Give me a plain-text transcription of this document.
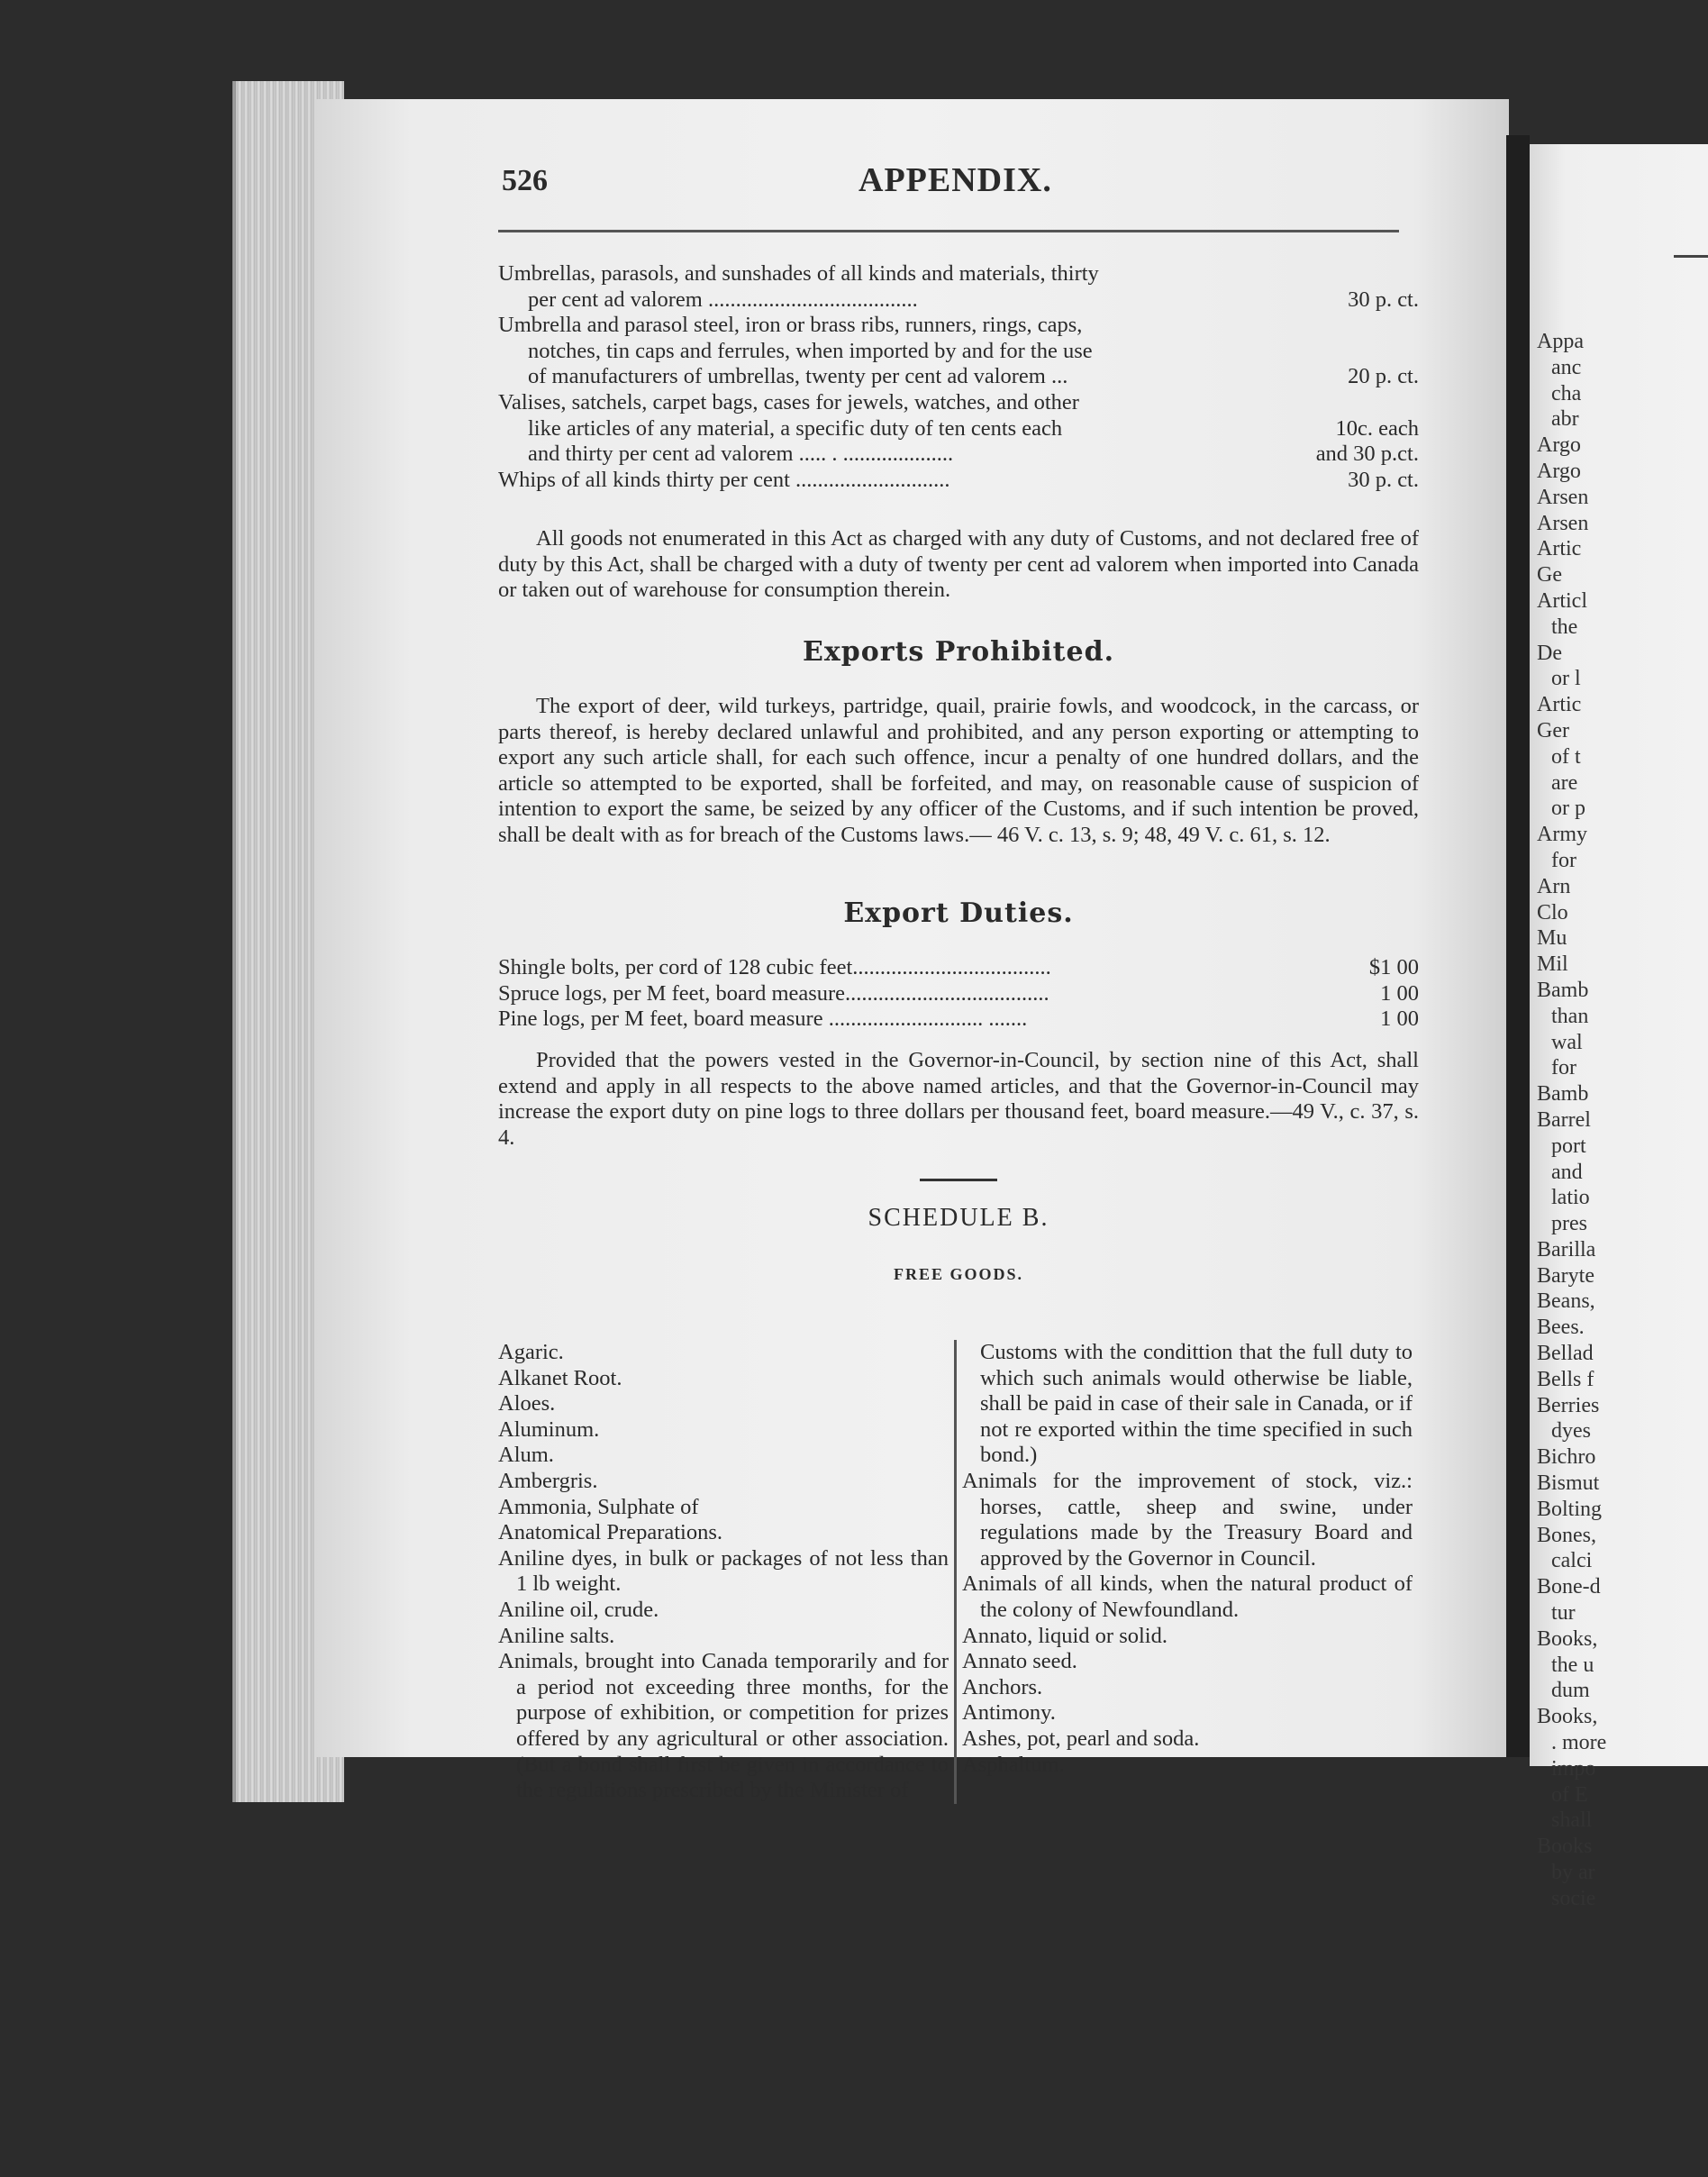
Appa
anc
cha
abr
Argo
Argo
Arsen
Arsen
Artic
Ge
Articl
the
De
or l
Artic
Ger
of t
are
or p
Army
for
Arn
Clo
Mu
Mil
Bamb
than
wal
for
Bamb
Barrel
port
and
latio
pres
Barilla
Baryte
Beans,
Bees.
Bellad
Bells f
Berries
dyes
Bichro
Bismut
Bolting
Bones,
calci
Bone-d
tur
Books,
the u
dum
Books,
. more
impo
of E
shall
Books
by ar
socie
526	APPENDIX.
Umbrellas, parasols, and sunshades of all kinds and materials, thirty
per cent ad valorem ......................................	30 p. ct.
Umbrella and parasol steel, iron or brass ribs, runners, rings, caps,
notches, tin caps and ferrules, when imported by and for the use
of manufacturers of umbrellas, twenty per cent ad valorem ...	20 p. ct.
Valises, satchels, carpet bags, cases for jewels, watches, and other
like articles of any material, a specific duty of ten cents each	10c. each
and thirty per cent ad valorem ..... . ....................	and 30 p.ct.
Whips of all kinds thirty per cent ............................	30 p. ct.
All goods not enumerated in this Act as charged with any duty of Customs, and not declared free of duty by this Act, shall be charged with a duty of twenty per cent ad valorem when imported into Canada or taken out of warehouse for consumption therein.
Exports Prohibited.
The export of deer, wild turkeys, partridge, quail, prairie fowls, and woodcock, in the carcass, or parts thereof, is hereby declared unlawful and prohibited, and any person exporting or attempting to export any such article shall, for each such offence, incur a penalty of one hundred dollars, and the article so attempted to be exported, shall be forfeited, and may, on reasonable cause of suspicion of intention to export the same, be seized by any officer of the Customs, and if such intention be proved, shall be dealt with as for breach of the Customs laws.— 46 V. c. 13, s. 9; 48, 49 V. c. 61, s. 12.
Export Duties.
Shingle bolts, per cord of 128 cubic feet....................................	$1 00
Spruce logs, per M feet, board measure.....................................	1 00
Pine logs, per M feet, board measure ............................ .......	1 00
Provided that the powers vested in the Governor-in-Council, by section nine of this Act, shall extend and apply in all respects to the above named articles, and that the Governor-in-Council may increase the export duty on pine logs to three dollars per thousand feet, board measure.—49 V., c. 37, s. 4.
SCHEDULE B.
FREE GOODS.
Agaric.
Alkanet Root.
Aloes.
Aluminum.
Alum.
Ambergris.
Ammonia, Sulphate of
Anatomical Preparations.
Aniline dyes, in bulk or packages of not less than 1 lb weight.
Aniline oil, crude.
Aniline salts.
Animals, brought into Canada temporarily and for a period not exceeding three months, for the purpose of exhibition, or competition for prizes offered by any agricultural or other association. (But a bond shall first be given in accordance to the regulations prescribed by the Minister of
Customs with the condittion that the full duty to which such animals would otherwise be liable, shall be paid in case of their sale in Canada, or if not re exported within the time specified in such bond.)
Animals for the improvement of stock, viz.: horses, cattle, sheep and swine, under regulations made by the Treasury Board and approved by the Governor in Council.
Animals of all kinds, when the natural product of the colony of Newfoundland.
Annato, liquid or solid.
Annato seed.
Anchors.
Antimony.
Ashes, pot, pearl and soda.
Asphaltum.
